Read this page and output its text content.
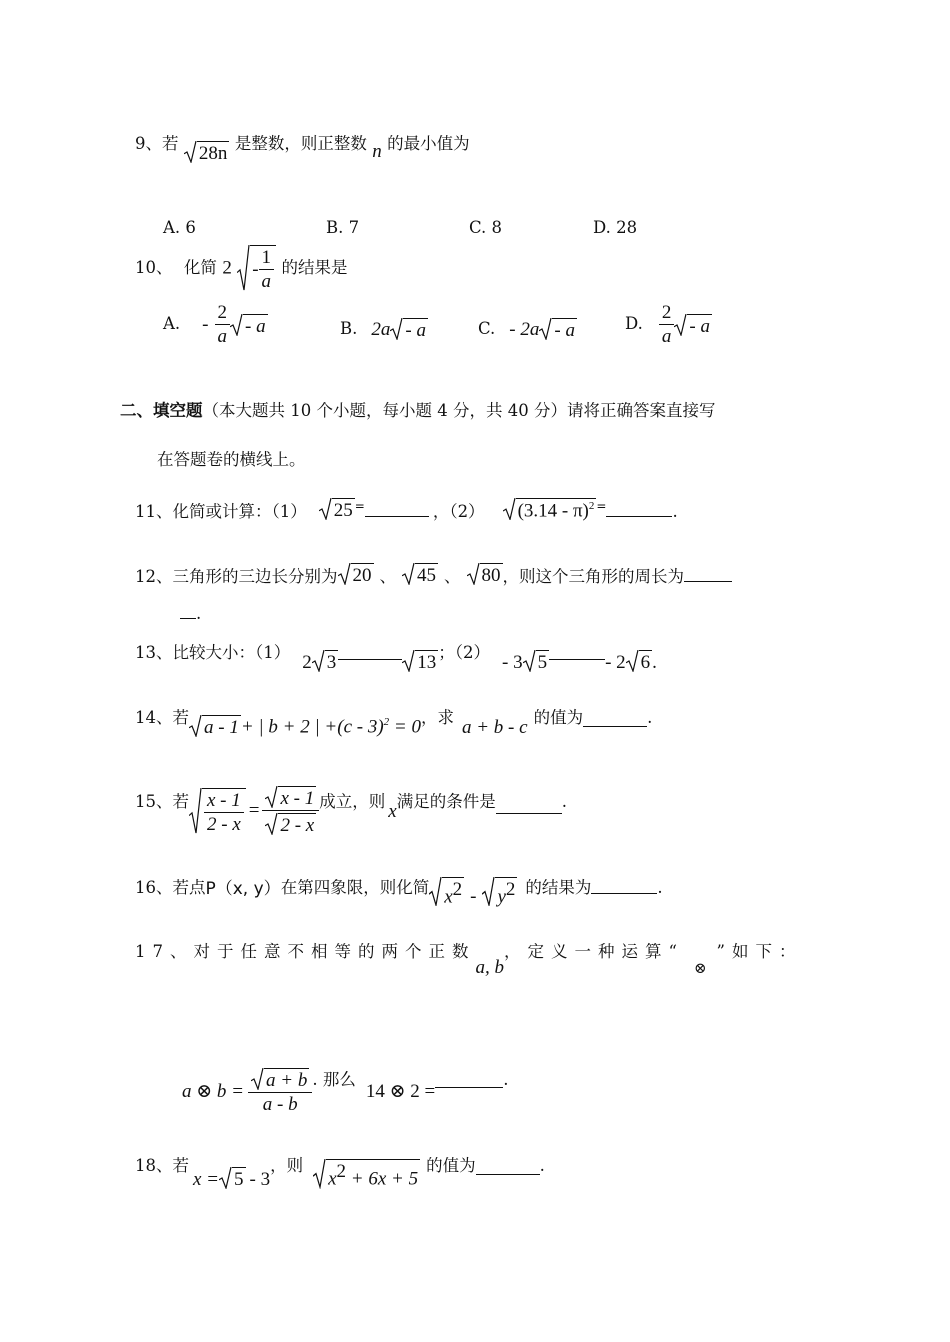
9、若 28n 是整数，则正整数 n 的最小值为
A. 6	B. 7	C. 8	D. 28
10、 化简 $2 - \frac{1}{a}$ 的结果是
A. - $\frac{2}{a}$ - a	B. 2a - a	C. - 2a - a	D. $\frac{2}{a}$ - a
二、填空题（本大题共 10 个小题，每小题 4 分，共 40 分）请将正确答案直接写
在答题卷的横线上。
11、化简或计算：（1）	25 =	，（2）	(3.14 - π)$^2$ =	.
12、三角形的三边长分别为 20 、	45 、	80 ，则这个三角形的周长为
.
13、比较大小：（1） 2 3	13 ；（2） - 3 5	- 2 6 .
14、若 a - 1 + | b + 2 | +(c - 3)$^2$ = 0 ，求 a + b - c 的值为	.
15、若 $\frac{x - 1}{2 - x} = \frac{x - 1}{2 - x}$ 成立，则 x 满足的条件是	.
16、若点 P（x, y） 在第四象限，则化简 $x^2$ -	$y^2$ 的结果为	.
17、对于任意不相等的两个正数
a, b
，定义一种运算“
⊗
”如下：
a ⊗ $b = \frac{a + b}{a - b}$ . 那么
14 ⊗ 2 =
.
18、若
x = 5 - 3
，则
$x^2 + 6x + 5$
的值为	.
